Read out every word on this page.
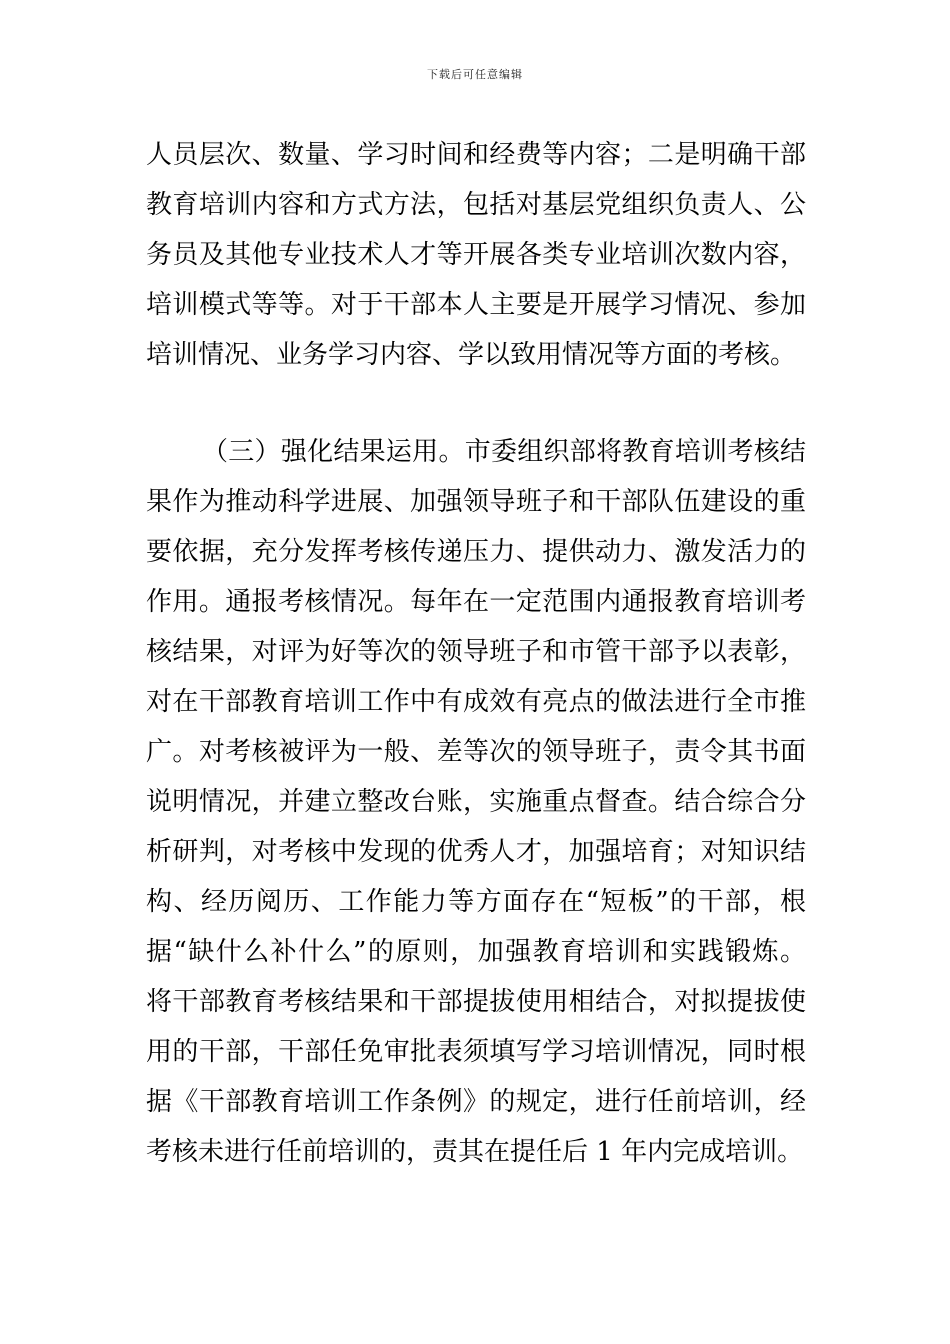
下载后可任意编辑
人员层次、数量、学习时间和经费等内容；二是明确干部
教育培训内容和方式方法，包括对基层党组织负责人、公
务员及其他专业技术人才等开展各类专业培训次数内容，
培训模式等等。对于干部本人主要是开展学习情况、参加
培训情况、业务学习内容、学以致用情况等方面的考核。
（三）强化结果运用。市委组织部将教育培训考核结
果作为推动科学进展、加强领导班子和干部队伍建设的重
要依据，充分发挥考核传递压力、提供动力、激发活力的
作用。通报考核情况。每年在一定范围内通报教育培训考
核结果，对评为好等次的领导班子和市管干部予以表彰，
对在干部教育培训工作中有成效有亮点的做法进行全市推
广。对考核被评为一般、差等次的领导班子，责令其书面
说明情况，并建立整改台账，实施重点督查。结合综合分
析研判，对考核中发现的优秀人才，加强培育；对知识结
构、经历阅历、工作能力等方面存在“短板”的干部，根
据“缺什么补什么”的原则，加强教育培训和实践锻炼。
将干部教育考核结果和干部提拔使用相结合，对拟提拔使
用的干部，干部任免审批表须填写学习培训情况，同时根
据《干部教育培训工作条例》的规定，进行任前培训，经
考核未进行任前培训的，责其在提任后 1 年内完成培训。
